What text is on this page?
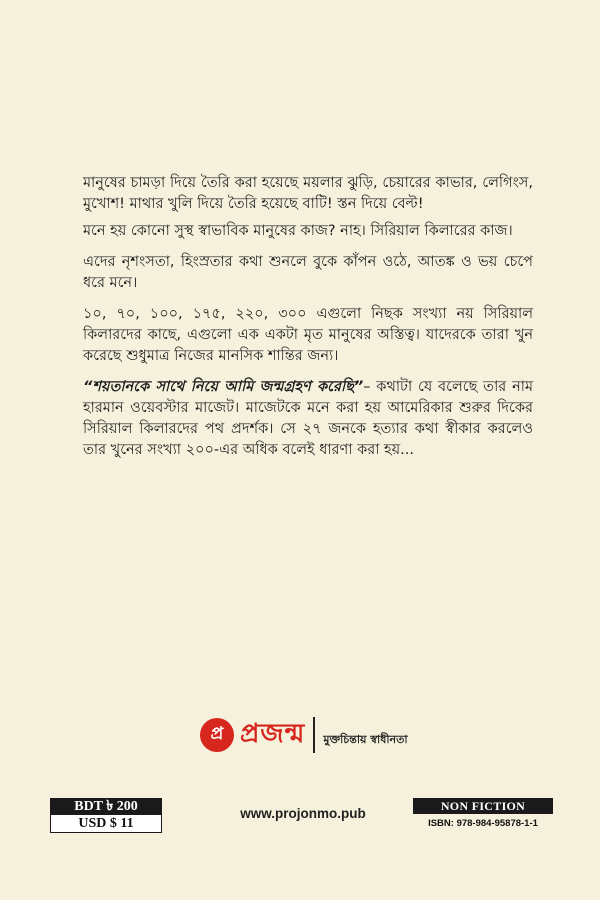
মানুষের চামড়া দিয়ে তৈরি করা হয়েছে ময়লার ঝুড়ি, চেয়ারের কাভার, লেগিংস, মুখোশ! মাথার খুলি দিয়ে তৈরি হয়েছে বাটি! স্তন দিয়ে বেল্ট!

মনে হয় কোনো সুস্থ স্বাভাবিক মানুষের কাজ? নাহ। সিরিয়াল কিলারের কাজ।

এদের নৃশংসতা, হিংস্রতার কথা শুনলে বুকে কাঁপন ওঠে, আতঙ্ক ও ভয় চেপে ধরে মনে।

১০, ৭০, ১০০, ১৭৫, ২২০, ৩০০ এগুলো নিছক সংখ্যা নয় সিরিয়াল কিলারদের কাছে, এগুলো এক একটা মৃত মানুষের অস্তিত্ব। যাদেরকে তারা খুন করেছে শুধুমাত্র নিজের মানসিক শান্তির জন্য।

“শয়তানকে সাথে নিয়ে আমি জন্মগ্রহণ করেছি”– কথাটা যে বলেছে তার নাম হারমান ওয়েবস্টার মাজেট। মাজেটকে মনে করা হয় আমেরিকার শুরুর দিকের সিরিয়াল কিলারদের পথ প্রদর্শক। সে ২৭ জনকে হত্যার কথা স্বীকার করলেও তার খুনের সংখ্যা ২০০-এর অধিক বলেই ধারণা করা হয়...

প্র প্রজন্ম মুক্তচিন্তায় স্বাধীনতা
BDT ৳ 200
USD $ 11
www.projonmo.pub	NON FICTION
ISBN: 978-984-95878-1-1
